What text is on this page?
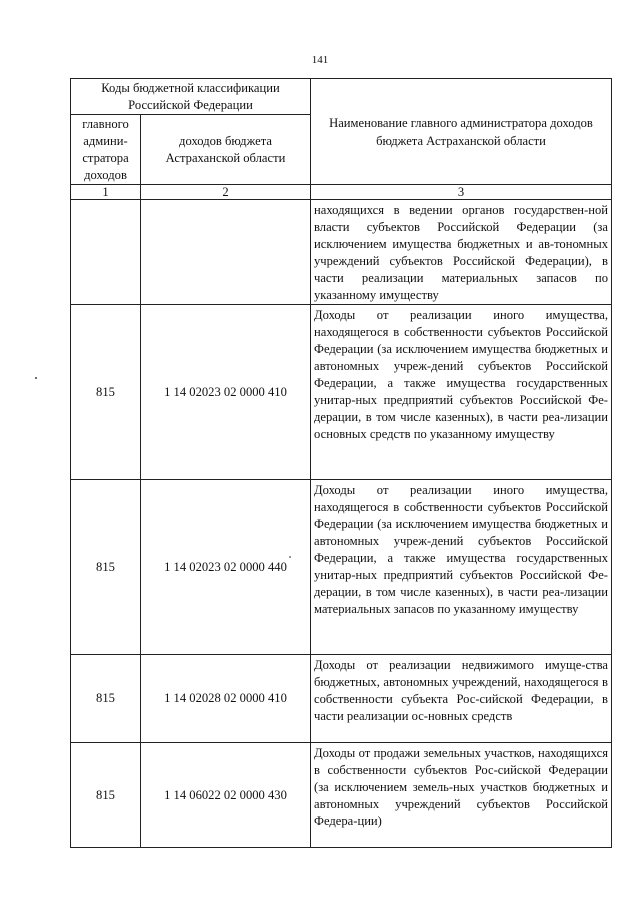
141
Коды бюджетной классификации Российской Федерации		Наименование главного администратора доходов бюджета Астраханской области
главного админи-стратора доходов	доходов бюджета Астраханской области	
1	2	3
		находящихся в ведении органов государствен-ной власти субъектов Российской Федерации (за исключением имущества бюджетных и ав-тономных учреждений субъектов Российской Федерации), в части реализации материальных запасов по указанному имуществу
815	1 14 02023 02 0000 410	Доходы от реализации иного имущества, находящегося в собственности субъектов Российской Федерации (за исключением имущества бюджетных и автономных учреж-дений субъектов Российской Федерации, а также имущества государственных унитар-ных предприятий субъектов Российской Фе-дерации, в том числе казенных), в части реа-лизации основных средств по указанному имуществу
815	1 14 02023 02 0000 440	Доходы от реализации иного имущества, находящегося в собственности субъектов Российской Федерации (за исключением имущества бюджетных и автономных учреж-дений субъектов Российской Федерации, а также имущества государственных унитар-ных предприятий субъектов Российской Фе-дерации, в том числе казенных), в части реа-лизации материальных запасов по указанному имуществу
815	1 14 02028 02 0000 410	Доходы от реализации недвижимого имуще-ства бюджетных, автономных учреждений, находящегося в собственности субъекта Рос-сийской Федерации, в части реализации ос-новных средств
815	1 14 06022 02 0000 430	Доходы от продажи земельных участков, находящихся в собственности субъектов Рос-сийской Федерации (за исключением земель-ных участков бюджетных и автономных учреждений субъектов Российской Федера-ции)
